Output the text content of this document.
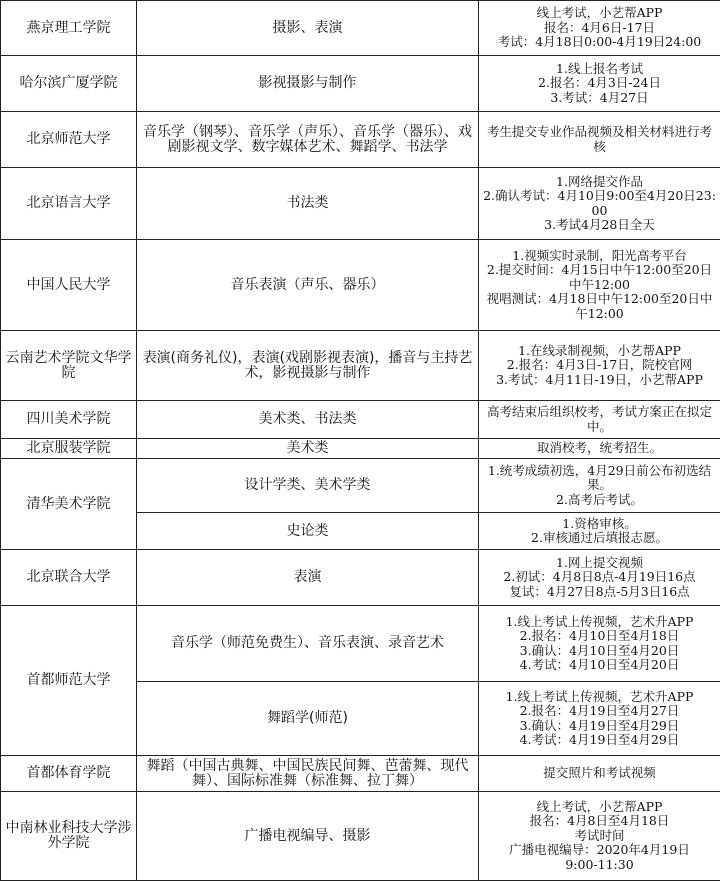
燕京理工学院	摄影、表演	线上考试，小艺帮APP
报名：4月6日-17日
考试：4月18日0:00-4月19日24:00

哈尔滨广厦学院	影视摄影与制作	1.线上报名考试
2.报名：4月3日-24日
3.考试：4月27日

北京师范大学	音乐学（钢琴）、音乐学（声乐）、音乐学（器乐）、戏剧影视文学、数字媒体艺术、舞蹈学、书法学	考生提交专业作品视频及相关材料进行考核

北京语言大学	书法类	1.网络提交作品
2.确认考试：4月10日9:00至4月20日23:00
3.考试4月28日全天

中国人民大学	音乐表演（声乐、器乐）	1.视频实时录制，阳光高考平台
2.提交时间：4月15日中午12:00至20日中午12:00
视唱测试：4月18日中午12:00至20日中午12:00

云南艺术学院文华学院	表演(商务礼仪)，表演(戏剧影视表演)，播音与主持艺术，影视摄影与制作	1.在线录制视频，小艺帮APP
2.报名：4月3日-17日，院校官网
3.考试：4月11日-19日，小艺帮APP

四川美术学院	美术类、书法类	高考结束后组织校考，考试方案正在拟定中。

北京服装学院	美术类	取消校考，统考招生。

清华美术学院	设计学类、美术学类	1.统考成绩初选，4月29日前公布初选结果。
2.高考后考试。

	史论类	1.资格审核。
2.审核通过后填报志愿。

北京联合大学	表演	1.网上提交视频
2.初试：4月8日8点-4月19日16点
复试：4月27日8点-5月3日16点

首都师范大学	音乐学（师范免费生）、音乐表演、录音艺术	1.线上考试上传视频，艺术升APP
2.报名：4月10日至4月18日
3.确认：4月10日至4月20日
4.考试：4月10日至4月20日

	舞蹈学(师范)	1.线上考试上传视频，艺术升APP
2.报名：4月19日至4月27日
3.确认：4月19日至4月29日
4.考试：4月19日至4月29日

首都体育学院	舞蹈（中国古典舞、中国民族民间舞、芭蕾舞、现代舞）、国际标准舞（标准舞、拉丁舞）	提交照片和考试视频

中南林业科技大学涉外学院	广播电视编导、摄影	线上考试，小艺帮APP
报名：4月8日至4月18日
考试时间
广播电视编导：2020年4月19日
9:00-11:30
